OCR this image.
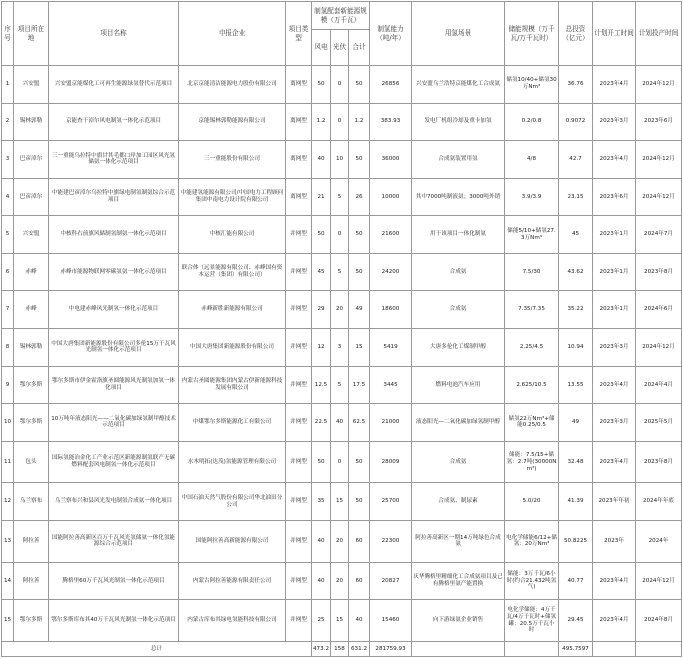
序号	项目所在地	项目名称	申报企业	项目类型	制氢配套新能源规模（万千瓦）			制氢能力（吨/年）	用氢场景	储能规模（万千瓦/万千瓦时）	总投资（亿元）	计划开工时间	计划投产时间
					风电	光伏	合计						
1	兴安盟	兴安盟京能煤化工可再生能源绿氢替代示范项目	北京京能清洁能源电力股份有限公司	离网型	50	0	50	26856	兴安盟乌兰浩特京能煤化工合成氨	储氢10/40+储氢30万Nm³	36.76	2023年4月	2024年12月
2	锡林郭勒	京能查干淖尔风电制氢一体化示范项目	京能锡林郭勒能源有限公司	离网型	1.2	0	1.2	383.93	发电厂机组冷却及重卡加氢	0.2/0.8	0.9072	2023年3月	2023年6月
3	巴彦淖尔	三一重能乌拉特中旗甘其毛都口岸加工园区风光氢储氨一体化示范项目	三一重能股份有限公司	离网型	40	10	50	36000	合成氨装置用氢	4/8	42.7	2023年4月	2024年12月
4	巴彦淖尔	中能建巴彦淖尔乌拉特中旗绿电制氢制氨综合示范项目	中能建氢能源有限公司/中国电力工程顾问集团中南电力设计院有限公司	离网型	21	5	26	10000	其中7000吨制液氨；3000吨外销	3.9/3.9	23.15	2023年6月	2024年12月
5	兴安盟	中核科右前旗风储制氢制氨一体化示范项目	中核汇能有限公司	并网型	50	0	50	21600	用于该项目一体化制氨	储能5/10+储氢27.3万Nm³	45	2023年1月	2024年7月
6	赤峰	赤峰市能源物联网零碳氢氨一体化示范项目	联合体（远景能源有限公司、赤峰国有资本运营（集团）有限公司）	并网型	45	5	50	24200	合成氨	7.5/30	43.62	2023年1月	2023年8月
7	赤峰	中电建赤峰风光制氢一体化示范项目	赤峰新胜新能源有限公司	并网型	29	20	49	18600	合成氨	7.35/7.35	35.22	2023年1月	2024年6月
8	锡林郭勒	中国大唐集团新能源股份有限公司多伦15万千瓦风光制氢一体化示范项目	中国大唐集团新能源股份有限公司	并网型	12	3	15	5419	大唐多伦化工煤制甲醇	2.25/4.5	10.94	2023年3月	2024年12月
9	鄂尔多斯	鄂尔多斯市伊金霍洛旗圣圆能源风光制氢加氢一体化项目	内蒙古圣圆能源集团内蒙古伊新能源科技发展有限公司	并网型	12.5	5	17.5	3445	燃料电池汽车应用	2.625/10.5	13.55	2023年4月	2024年4月
10	鄂尔多斯	10万吨年液态阳光——二氧化碳加绿氢制甲醇技术示范项目	中煤鄂尔多斯能源化工有限公司	并网型	22.5	40	62.5	21000	液态阳光—二氧化碳加绿氢制甲醇	储氢22万Nm³+储能0.25/0.5	49	2023年3月	2025年5月
11	包头	国际氢能冶金化工产业示范区新能源制氢联产无碳燃料配套风电制氢一体化示范项目	水木明拓(达茂)氢能源管理有限公司	并网型	50	0	50	28009	合成氨	储能：7.5/15+储氢：2.7吨(30000Nm³)	32.48	2023年4月	2023年8月
12	乌兰察布	乌兰察布兴和县风光发电制氢合成氨一体化项目	中国石油天然气股份有限公司华北油田分公司	并网型	35	15	50	25700	合成氨、制尿素	5.0/20	41.39	2023年年初	2024年年底
13	阿拉善	国能阿拉善高新区百万千瓦风光氢储氨一体化氢能源综合示范项目	国能阿拉善高新能源有限公司	并网型	40	20	60	22300	阿拉善高新区一期14万吨绿色合成氨	电化学储能6/12+储氢：20万Nm³	50.8225	2023年	2024年
14	阿拉善	腾格里60万千瓦风光制氢一体化示范项目	内蒙古阿拉善能源有限责任公司	并网型	40	20	60	20827	庆华腾格里精细化工合成氨项目及已有腾格里氨产能置换	储能：3万千瓦/6小时(约合21.432吨氢气)	40.77	2023年4月	2024年12月
15	鄂尔多斯	鄂尔多斯库布其40万千瓦风光制氢一体化示范项目	内蒙古库布其绿电氢能科技有限公司	并网型	25	15	40	15460	向下游绿氨企业销售	电化学储能：4万千瓦/4万千瓦时+储氢罐：20.5万千瓦小时	29.45	2023年4月	2024年8月
总计					473.2	158	631.2	281759.93			495.7597		
